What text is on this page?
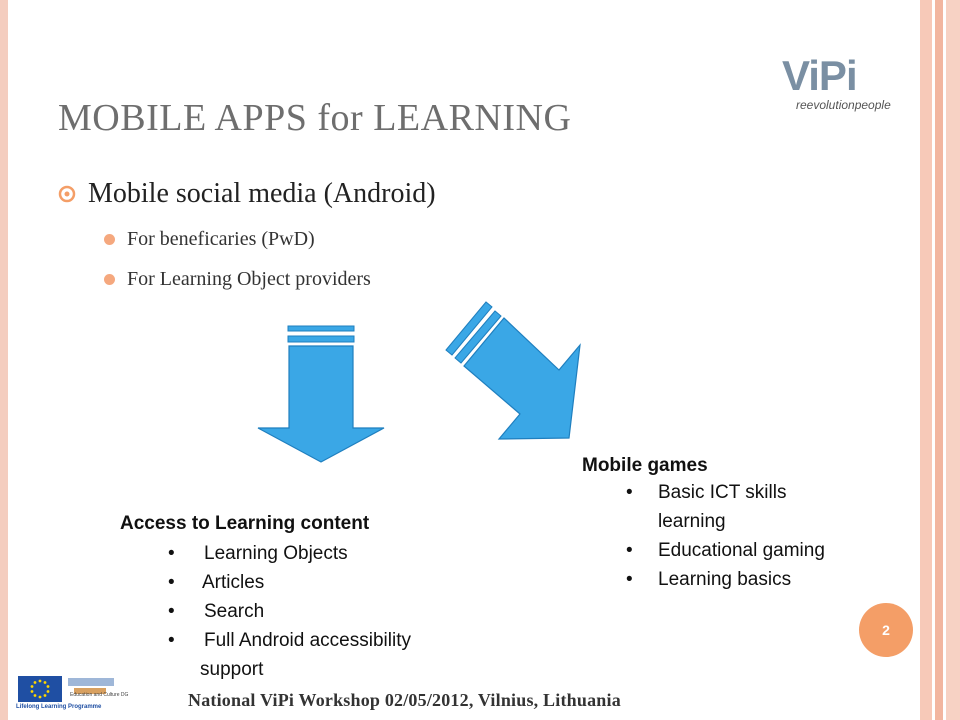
ViPi
reevolutionpeople
MOBILE APPS for LEARNING
Mobile social media (Android)
For beneficaries (PwD)
For Learning Object providers
Access to Learning content
• Learning Objects
• Articles
• Search
• Full Android accessibility
support
Mobile games
• Basic ICT skills
learning
• Educational gaming
• Learning basics
2
Education and Culture DG
Lifelong Learning Programme	National ViPi Workshop 02/05/2012, Vilnius, Lithuania
